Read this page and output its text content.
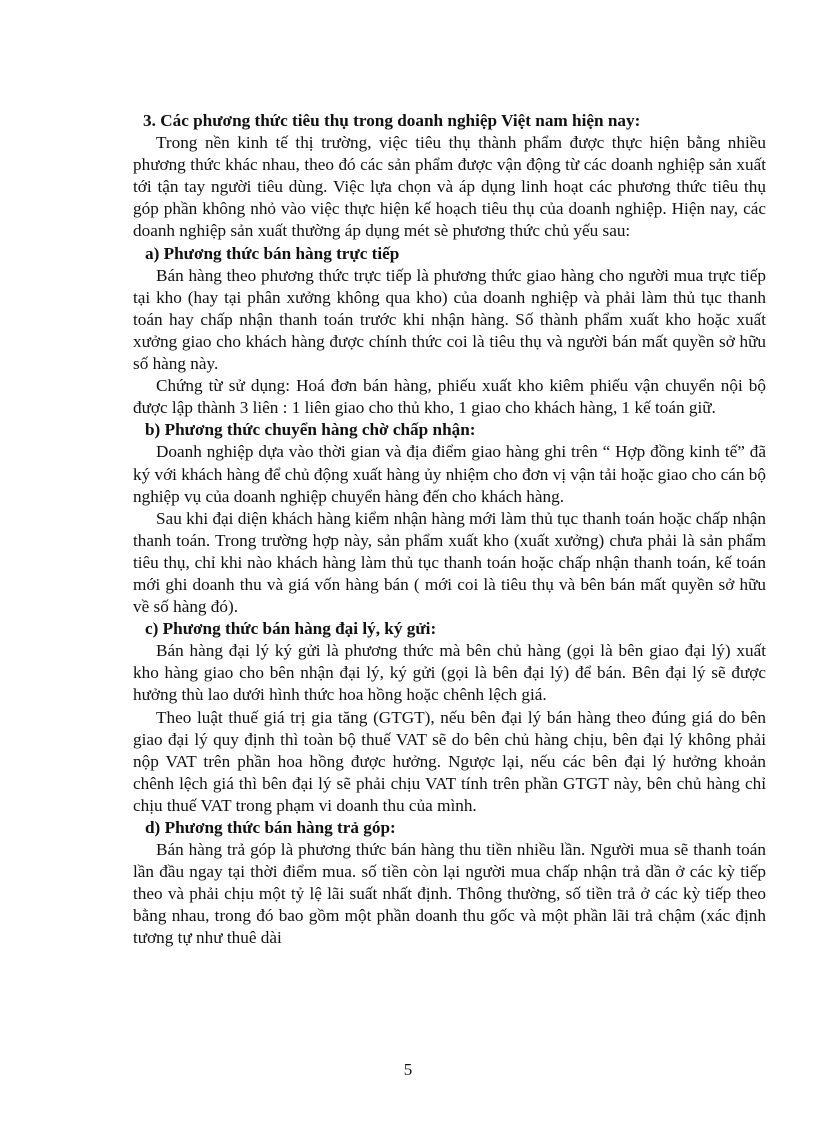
3. Các phương thức tiêu thụ trong doanh nghiệp Việt nam hiện nay:
Trong nền kinh tế thị trường, việc tiêu thụ thành phẩm được thực hiện bằng nhiều phương thức khác nhau, theo đó các sản phẩm được vận động từ các doanh nghiệp sản xuất tới tận tay người tiêu dùng. Việc lựa chọn và áp dụng linh hoạt các phương thức tiêu thụ góp phần không nhỏ vào việc thực hiện kế hoạch tiêu thụ của doanh nghiệp. Hiện nay, các doanh nghiệp sản xuất thường áp dụng mét sè phương thức chủ yếu sau:
a) Phương thức bán hàng trực tiếp
Bán hàng theo phương thức trực tiếp là phương thức giao hàng cho người mua trực tiếp tại kho (hay tại phân xưởng không qua kho) của doanh nghiệp và phải làm thủ tục thanh toán hay chấp nhận thanh toán trước khi nhận hàng. Số thành phẩm xuất kho hoặc xuất xưởng giao cho khách hàng được chính thức coi là tiêu thụ và người bán mất quyền sở hữu số hàng này.
Chứng từ sử dụng: Hoá đơn bán hàng, phiếu xuất kho kiêm phiếu vận chuyển nội bộ được lập thành 3 liên : 1 liên giao cho thủ kho, 1 giao cho khách hàng, 1 kế toán giữ.
b) Phương thức chuyển hàng chờ chấp nhận:
Doanh nghiệp dựa vào thời gian và địa điểm giao hàng ghi trên “ Hợp đồng kinh tế” đã ký với khách hàng để chủ động xuất hàng ủy nhiệm cho đơn vị vận tải hoặc giao cho cán bộ nghiệp vụ của doanh nghiệp chuyển hàng đến cho khách hàng.
Sau khi đại diện khách hàng kiểm nhận hàng mới làm thủ tục thanh toán hoặc chấp nhận thanh toán. Trong trường hợp này, sản phẩm xuất kho (xuất xưởng) chưa phải là sản phẩm tiêu thụ, chỉ khi nào khách hàng làm thủ tục thanh toán hoặc chấp nhận thanh toán, kế toán mới ghi doanh thu và giá vốn hàng bán ( mới coi là tiêu thụ và bên bán mất quyền sở hữu về số hàng đó).
c) Phương thức bán hàng đại lý, ký gửi:
Bán hàng đại lý ký gửi là phương thức mà bên chủ hàng (gọi là bên giao đại lý) xuất kho hàng giao cho bên nhận đại lý, ký gửi (gọi là bên đại lý) để bán. Bên đại lý sẽ được hưởng thù lao dưới hình thức hoa hồng hoặc chênh lệch giá.
Theo luật thuế giá trị gia tăng (GTGT), nếu bên đại lý bán hàng theo đúng giá do bên giao đại lý quy định thì toàn bộ thuế VAT sẽ do bên chủ hàng chịu, bên đại lý không phải nộp VAT trên phần hoa hồng được hưởng. Ngược lại, nếu các bên đại lý hưởng khoản chênh lệch giá thì bên đại lý sẽ phải chịu VAT tính trên phần GTGT này, bên chủ hàng chỉ chịu thuế VAT trong phạm vi doanh thu của mình.
d) Phương thức bán hàng trả góp:
Bán hàng trả góp là phương thức bán hàng thu tiền nhiều lần. Người mua sẽ thanh toán lần đầu ngay tại thời điểm mua. số tiền còn lại người mua chấp nhận trả dần ở các kỳ tiếp theo và phải chịu một tỷ lệ lãi suất nhất định. Thông thường, số tiền trả ở các kỳ tiếp theo bằng nhau, trong đó bao gồm một phần doanh thu gốc và một phần lãi trả chậm (xác định tương tự như thuê dài
5
